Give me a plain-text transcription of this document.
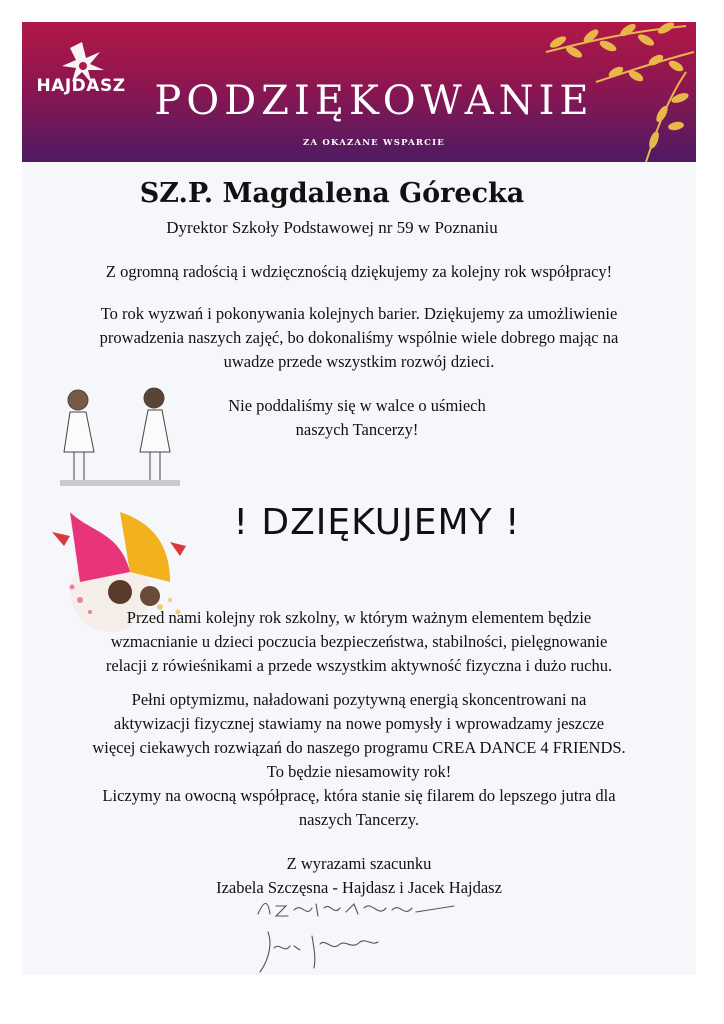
HAJDASZ PODZIĘKOWANIE
ZA OKAZANE WSPARCIE
SZ.P. Magdalena Górecka
Dyrektor Szkoły Podstawowej nr 59 w Poznaniu
Z ogromną radością i wdzięcznością dziękujemy za kolejny rok współpracy!
To rok wyzwań i pokonywania kolejnych barier. Dziękujemy za umożliwienie
prowadzenia naszych zajęć, bo dokonaliśmy wspólnie wiele dobrego mając na
uwadze przede wszystkim rozwój dzieci.
Nie poddaliśmy się w walce o uśmiech
naszych Tancerzy!
! DZIĘKUJEMY !
Przed nami kolejny rok szkolny, w którym ważnym elementem będzie
wzmacnianie u dzieci poczucia bezpieczeństwa, stabilności, pielęgnowanie
relacji z rówieśnikami a przede wszystkim aktywność fizyczna i dużo ruchu.
Pełni optymizmu, naładowani pozytywną energią skoncentrowani na
aktywizacji fizycznej stawiamy na nowe pomysły i wprowadzamy jeszcze
więcej ciekawych rozwiązań do naszego programu CREA DANCE 4 FRIENDS.
To będzie niesamowity rok!
Liczymy na owocną współpracę, która stanie się filarem do lepszego jutra dla
naszych Tancerzy.
Z wyrazami szacunku
Izabela Szczęsna - Hajdasz i Jacek Hajdasz
